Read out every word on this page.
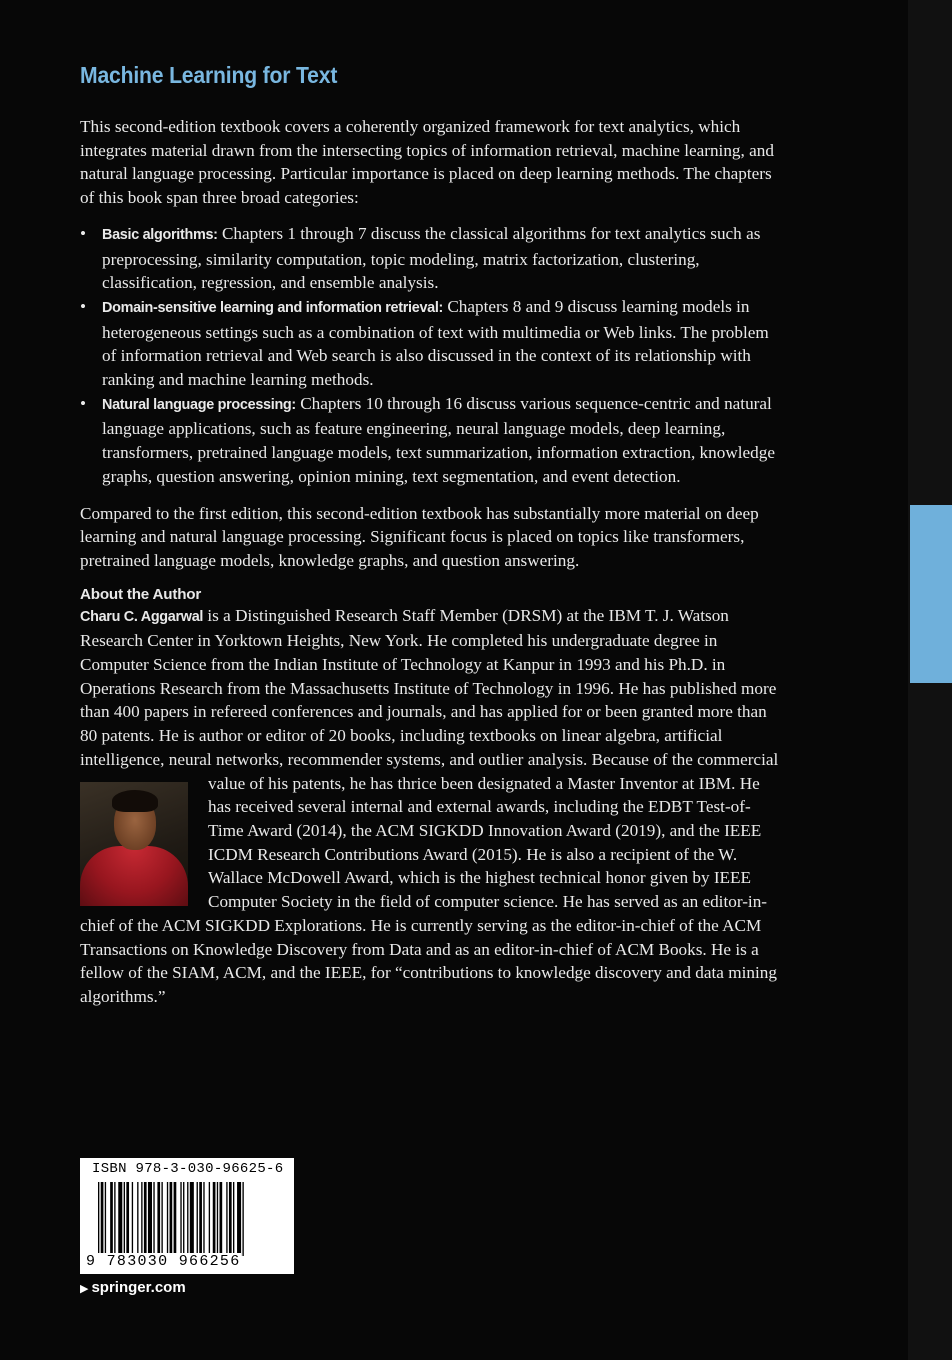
Machine Learning for Text

This second-edition textbook covers a coherently organized framework for text analytics, which integrates material drawn from the intersecting topics of information retrieval, machine learning, and natural language processing. Particular importance is placed on deep learning methods. The chapters of this book span three broad categories:

• Basic algorithms: Chapters 1 through 7 discuss the classical algorithms for text analytics such as preprocessing, similarity computation, topic modeling, matrix factorization, clustering, classification, regression, and ensemble analysis.
• Domain-sensitive learning and information retrieval: Chapters 8 and 9 discuss learning models in heterogeneous settings such as a combination of text with multimedia or Web links. The problem of information retrieval and Web search is also discussed in the context of its relationship with ranking and machine learning methods.
• Natural language processing: Chapters 10 through 16 discuss various sequence-centric and natural language applications, such as feature engineering, neural language models, deep learning, transformers, pretrained language models, text summarization, information extraction, knowledge graphs, question answering, opinion mining, text segmentation, and event detection.

Compared to the first edition, this second-edition textbook has substantially more material on deep learning and natural language processing. Significant focus is placed on topics like transformers, pretrained language models, knowledge graphs, and question answering.

About the Author

Charu C. Aggarwal is a Distinguished Research Staff Member (DRSM) at the IBM T. J. Watson Research Center in Yorktown Heights, New York. He completed his undergraduate degree in Computer Science from the Indian Institute of Technology at Kanpur in 1993 and his Ph.D. in Operations Research from the Massachusetts Institute of Technology in 1996. He has published more than 400 papers in refereed conferences and journals, and has applied for or been granted more than 80 patents. He is author or editor of 20 books, including textbooks on linear algebra, artificial intelligence, neural networks, recommender systems, and outlier analysis. Because of
the commercial value of his patents, he has thrice been designated a Master Inventor at IBM. He has received several internal and external awards, including the EDBT Test-of-Time Award (2014), the ACM SIGKDD Innovation Award (2019), and the IEEE ICDM Research Contributions Award (2015). He is also a recipient of the W. Wallace McDowell Award, which is the highest technical honor given by IEEE Computer Society in the field of computer science. He has served as an editor-in-chief of the ACM SIGKDD Explorations. He is currently serving as the editor-in-chief of the ACM Transactions on Knowledge Discovery from Data and as an editor-in-chief of ACM Books. He is a fellow of the SIAM, ACM, and the IEEE, for “contributions to knowledge discovery and data mining algorithms.”

ISBN 978-3-030-96625-6
9 783030 966256
▶ springer.com
